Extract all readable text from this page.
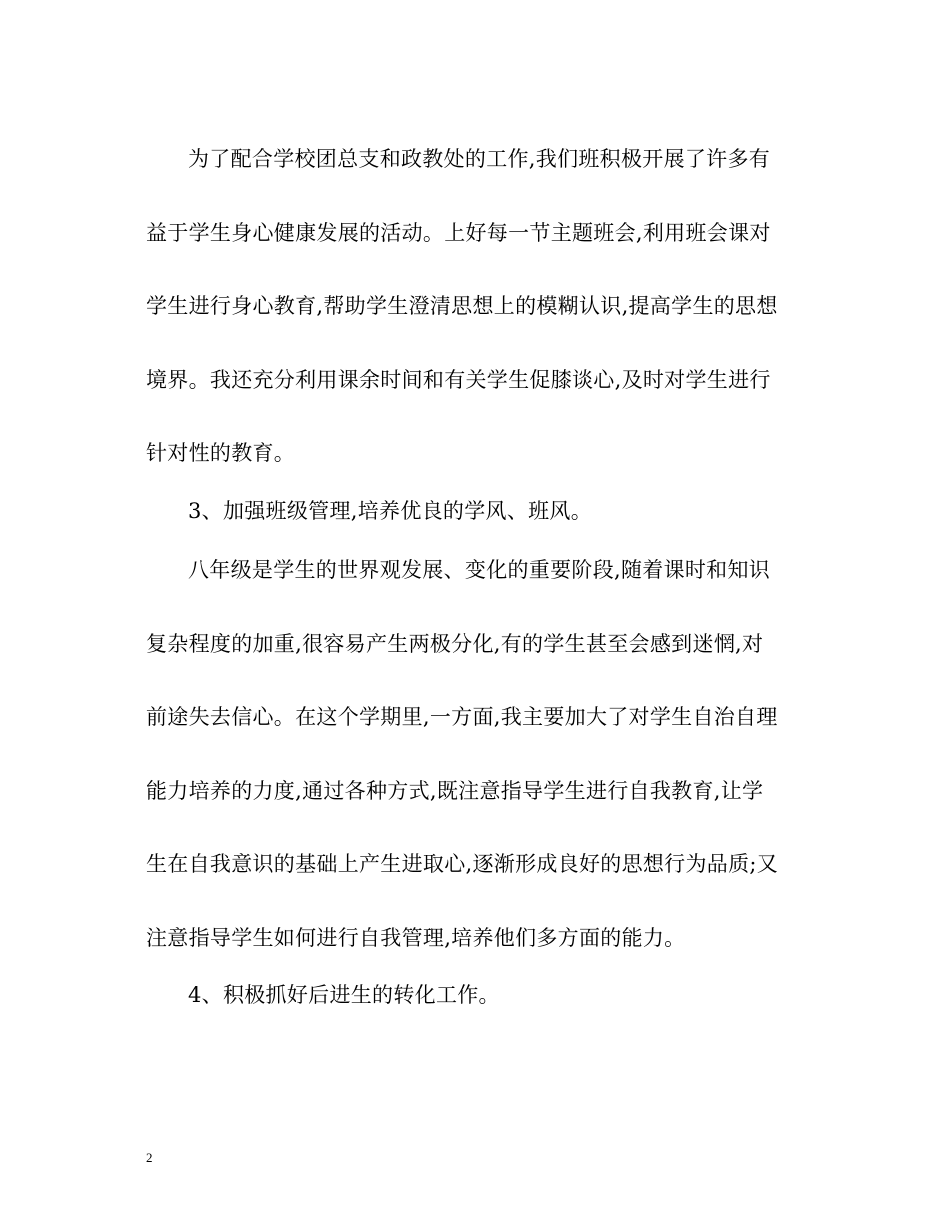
为了配合学校团总支和政教处的工作,我们班积极开展了许多有
益于学生身心健康发展的活动。上好每一节主题班会,利用班会课对
学生进行身心教育,帮助学生澄清思想上的模糊认识,提高学生的思想
境界。我还充分利用课余时间和有关学生促膝谈心,及时对学生进行
针对性的教育。
3、加强班级管理,培养优良的学风、班风。
八年级是学生的世界观发展、变化的重要阶段,随着课时和知识
复杂程度的加重,很容易产生两极分化,有的学生甚至会感到迷惘,对
前途失去信心。在这个学期里,一方面,我主要加大了对学生自治自理
能力培养的力度,通过各种方式,既注意指导学生进行自我教育,让学
生在自我意识的基础上产生进取心,逐渐形成良好的思想行为品质;又
注意指导学生如何进行自我管理,培养他们多方面的能力。
4、积极抓好后进生的转化工作。
2
